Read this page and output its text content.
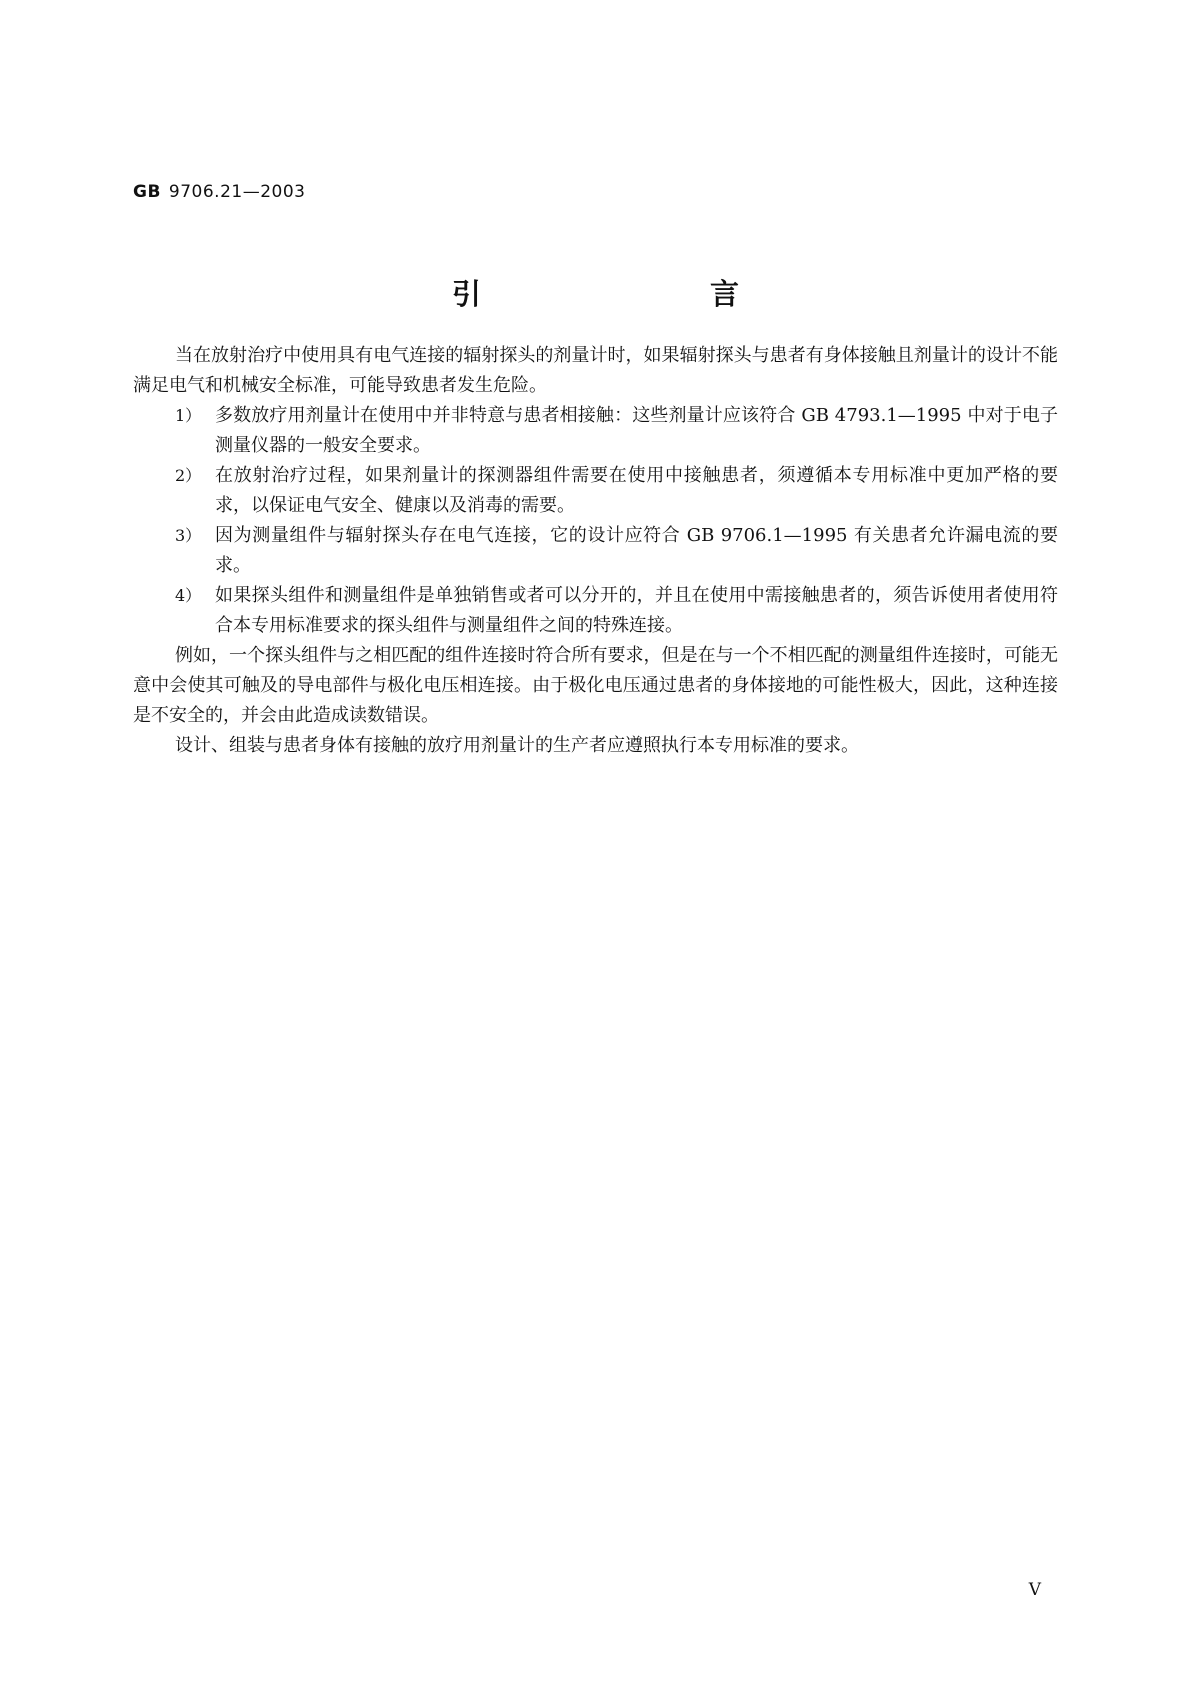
GB 9706.21—2003
引　言

当在放射治疗中使用具有电气连接的辐射探头的剂量计时，如果辐射探头与患者有身体接触且剂量计的设计不能满足电气和机械安全标准，可能导致患者发生危险。

1） 多数放疗用剂量计在使用中并非特意与患者相接触：这些剂量计应该符合 GB 4793.1—1995 中对于电子测量仪器的一般安全要求。
2） 在放射治疗过程，如果剂量计的探测器组件需要在使用中接触患者，须遵循本专用标准中更加严格的要求，以保证电气安全、健康以及消毒的需要。
3） 因为测量组件与辐射探头存在电气连接，它的设计应符合 GB 9706.1—1995 有关患者允许漏电流的要求。
4） 如果探头组件和测量组件是单独销售或者可以分开的，并且在使用中需接触患者的，须告诉使用者使用符合本专用标准要求的探头组件与测量组件之间的特殊连接。

例如，一个探头组件与之相匹配的组件连接时符合所有要求，但是在与一个不相匹配的测量组件连接时，可能无意中会使其可触及的导电部件与极化电压相连接。由于极化电压通过患者的身体接地的可能性极大，因此，这种连接是不安全的，并会由此造成读数错误。

设计、组装与患者身体有接触的放疗用剂量计的生产者应遵照执行本专用标准的要求。

V
